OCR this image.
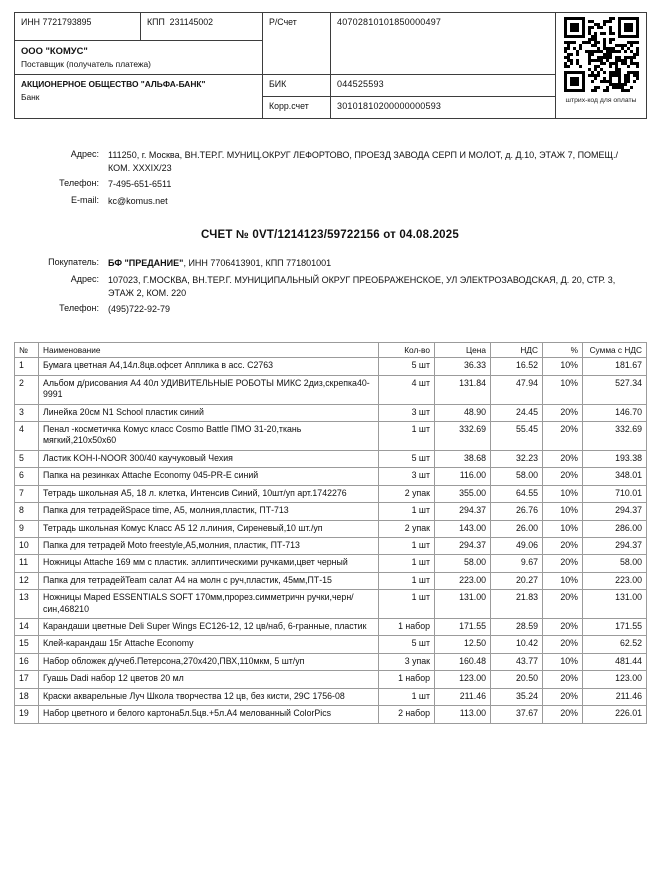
ИНН 7721793895	КПП 231145002	Р/Счет	40702810101850000497	штрих-код для оплаты

ООО "КОМУС"
Поставщик (получатель платежа)				

АКЦИОНЕРНОЕ ОБЩЕСТВО "АЛЬФА-БАНК"
Банк		БИК	044525593	
		Корр.счет	30101810200000000593	
Адрес:	111250, г. Москва, ВН.ТЕР.Г. МУНИЦ.ОКРУГ ЛЕФОРТОВО, ПРОЕЗД ЗАВОДА СЕРП И МОЛОТ, д. Д.10, ЭТАЖ 7, ПОМЕЩ./КОМ. XXXIX/23
Телефон:	7-495-651-6511
E-mail:	kc@komus.net
СЧЕТ № 0VT/1214123/59722156 от 04.08.2025
Покупатель:	БФ "ПРЕДАНИЕ", ИНН 7706413901, КПП 771801001
Адрес:	107023, Г.МОСКВА, ВН.ТЕР.Г. МУНИЦИПАЛЬНЫЙ ОКРУГ ПРЕОБРАЖЕНСКОЕ, УЛ ЭЛЕКТРОЗАВОДСКАЯ, Д. 20, СТР. 3, ЭТАЖ 2, КОМ. 220
Телефон:	(495)722-92-79
№	Наименование	Кол-во	Цена	НДС	%	Сумма с НДС
1	Бумага цветная А4,14л.8цв.офсет Апплика в асс. С2763	5 шт	36.33	16.52	10%	181.67
2	Альбом д/рисования А4 40л УДИВИТЕЛЬНЫЕ РОБОТЫ МИКС 2диз,скрепка40-9991	4 шт	131.84	47.94	10%	527.34
3	Линейка 20см N1 School пластик синий	3 шт	48.90	24.45	20%	146.70
4	Пенал -косметичка Комус класс Cosmo Battle ПМО 31-20,ткань мягкий,210х50х60	1 шт	332.69	55.45	20%	332.69
5	Ластик KOH-I-NOOR 300/40 каучуковый Чехия	5 шт	38.68	32.23	20%	193.38
6	Папка на резинках Attache Economy 045-PR-E синий	3 шт	116.00	58.00	20%	348.01
7	Тетрадь школьная А5, 18 л. клетка, Интенсив Синий, 10шт/уп арт.1742276	2 упак	355.00	64.55	10%	710.01
8	Папка для тетрадейSpace time, А5, молния,пластик, ПТ-713	1 шт	294.37	26.76	10%	294.37
9	Тетрадь школьная Комус Класс А5 12 л.линия, Сиреневый,10 шт./уп	2 упак	143.00	26.00	10%	286.00
10	Папка для тетрадей Moto freestyle,А5,молния, пластик, ПТ-713	1 шт	294.37	49.06	20%	294.37
11	Ножницы Attache 169 мм с пластик. эллиптическими ручками,цвет черный	1 шт	58.00	9.67	20%	58.00
12	Папка для тетрадейTeam салат А4 на молн с руч,пластик, 45мм,ПТ-15	1 шт	223.00	20.27	10%	223.00
13	Ножницы Maped ESSENTIALS SOFT 170мм,прорез.симметричн ручки,черн/син,468210	1 шт	131.00	21.83	20%	131.00
14	Карандаши цветные Deli Super Wings EC126-12, 12 цв/наб, 6-гранные, пластик	1 набор	171.55	28.59	20%	171.55
15	Клей-карандаш 15г Attache Economy	5 шт	12.50	10.42	20%	62.52
16	Набор обложек д/учеб.Петерсона,270х420,ПВХ,110мкм, 5 шт/уп	3 упак	160.48	43.77	10%	481.44
17	Гуашь Dadi набор 12 цветов 20 мл	1 набор	123.00	20.50	20%	123.00
18	Краски акварельные Луч Школа творчества 12 цв, без кисти, 29С 1756-08	1 шт	211.46	35.24	20%	211.46
19	Набор цветного и белого картона5л.5цв.+5л.А4 мелованный ColorPics	2 набор	113.00	37.67	20%	226.01
